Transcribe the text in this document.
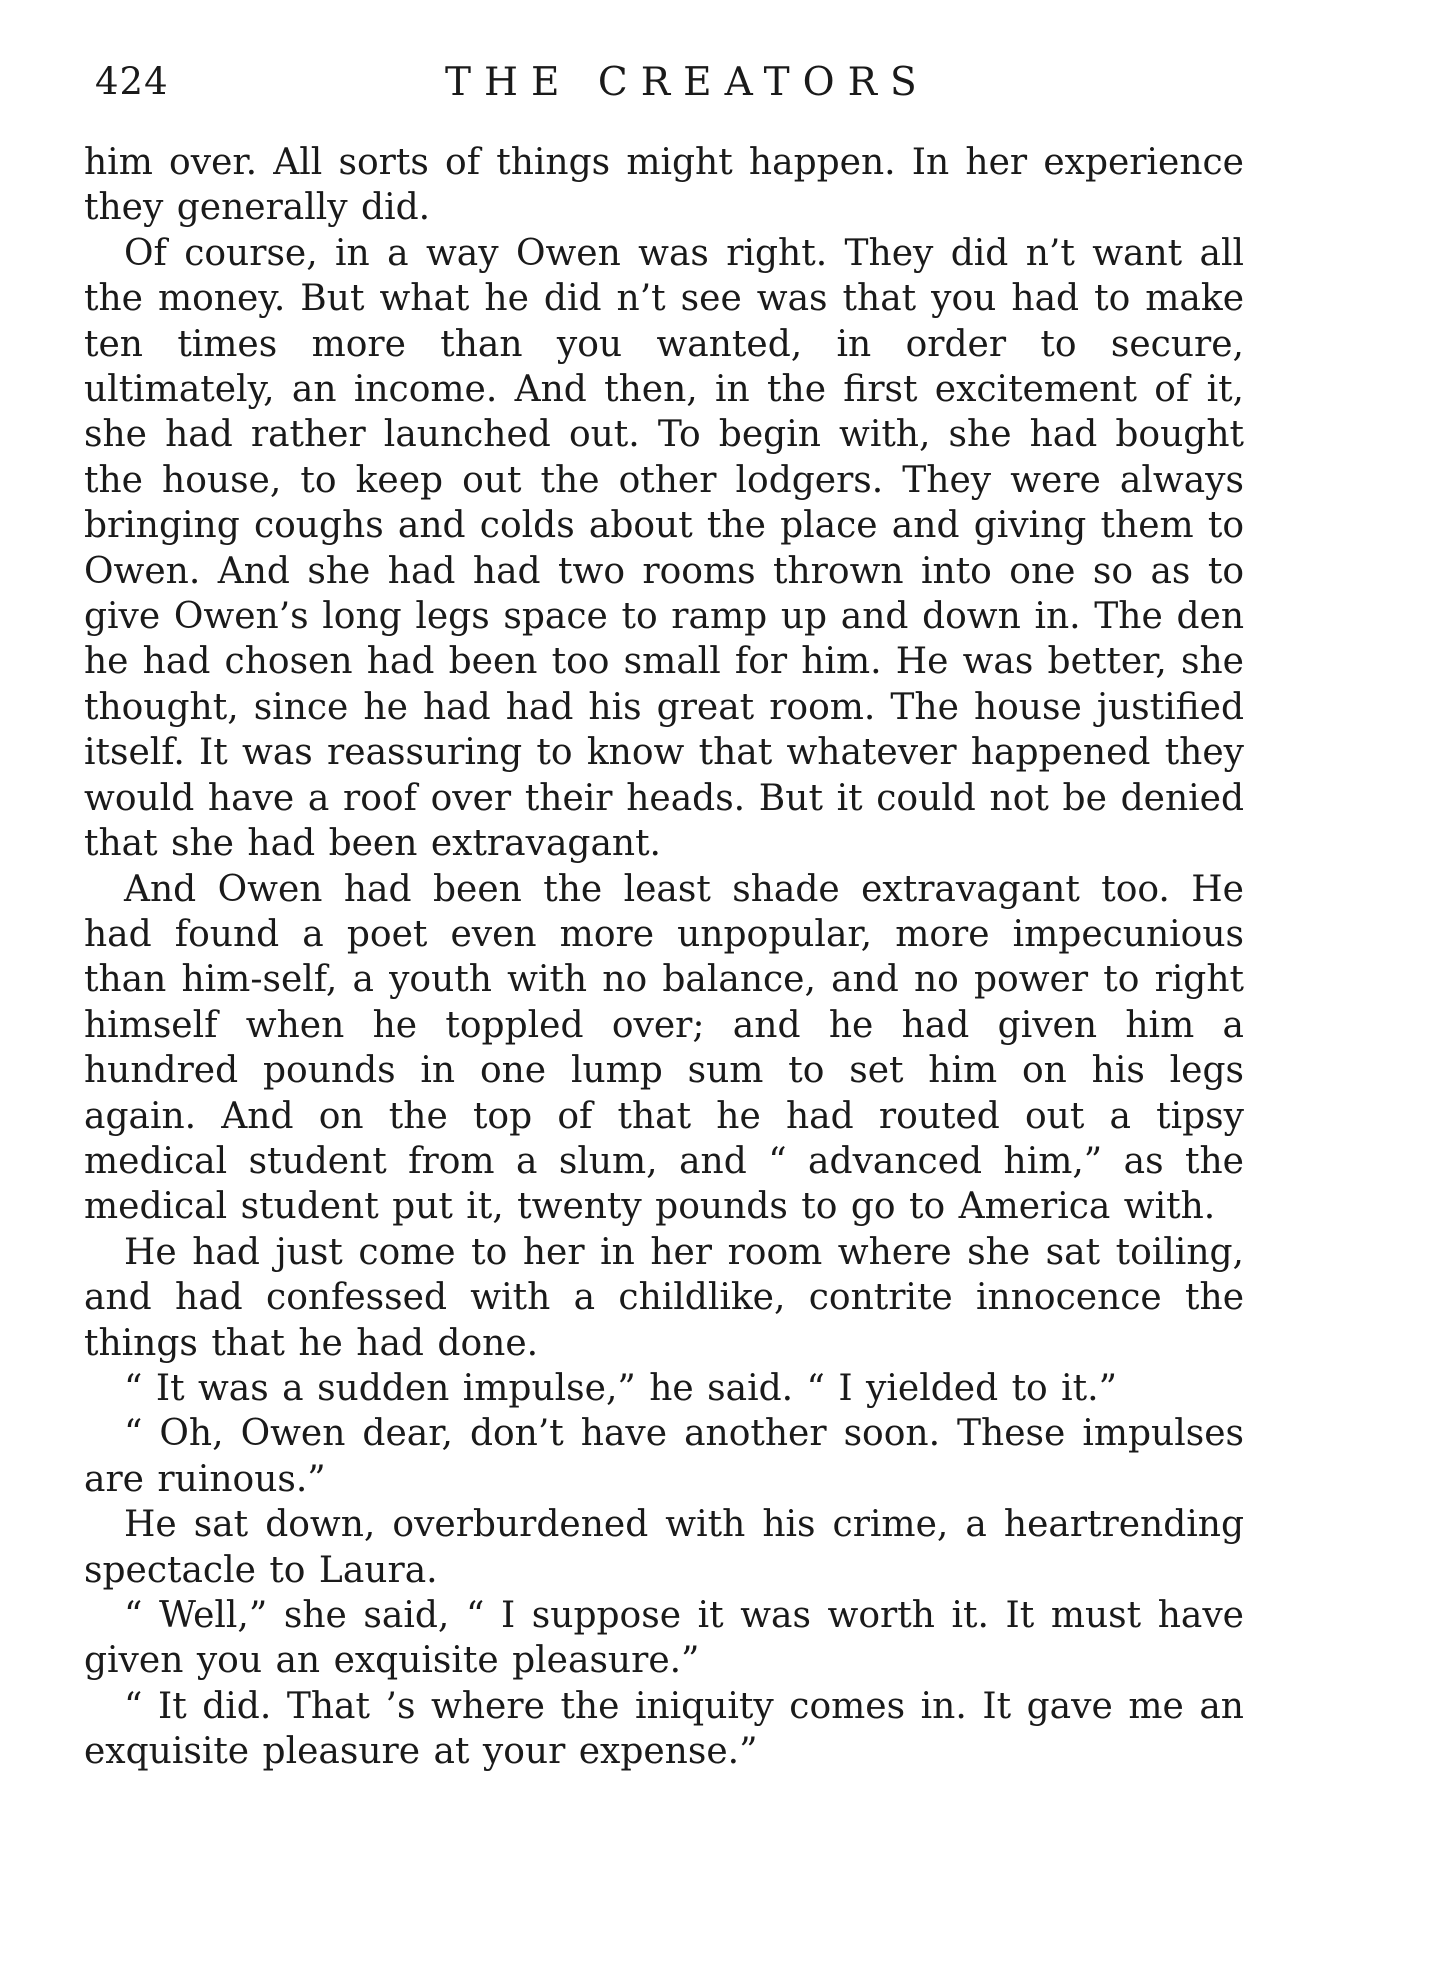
424	THE CREATORS

him over. All sorts of things might happen. In her experience they generally did.

Of course, in a way Owen was right. They did n’t want all the money. But what he did n’t see was that you had to make ten times more than you wanted, in order to secure, ultimately, an income. And then, in the first excitement of it, she had rather launched out. To begin with, she had bought the house, to keep out the other lodgers. They were always bringing coughs and colds about the place and giving them to Owen. And she had had two rooms thrown into one so as to give Owen’s long legs space to ramp up and down in. The den he had chosen had been too small for him. He was better, she thought, since he had had his great room. The house justified itself. It was reassuring to know that whatever happened they would have a roof over their heads. But it could not be denied that she had been extravagant.

And Owen had been the least shade extravagant too. He had found a poet even more unpopular, more impecunious than him-self, a youth with no balance, and no power to right himself when he toppled over; and he had given him a hundred pounds in one lump sum to set him on his legs again. And on the top of that he had routed out a tipsy medical student from a slum, and “ advanced him,” as the medical student put it, twenty pounds to go to America with.

He had just come to her in her room where she sat toiling, and had confessed with a childlike, contrite innocence the things that he had done.

“ It was a sudden impulse,” he said. “ I yielded to it.”

“ Oh, Owen dear, don’t have another soon. These impulses are ruinous.”

He sat down, overburdened with his crime, a heartrending spectacle to Laura.

“ Well,” she said, “ I suppose it was worth it. It must have given you an exquisite pleasure.”

“ It did. That ’s where the iniquity comes in. It gave me an exquisite pleasure at your expense.”
